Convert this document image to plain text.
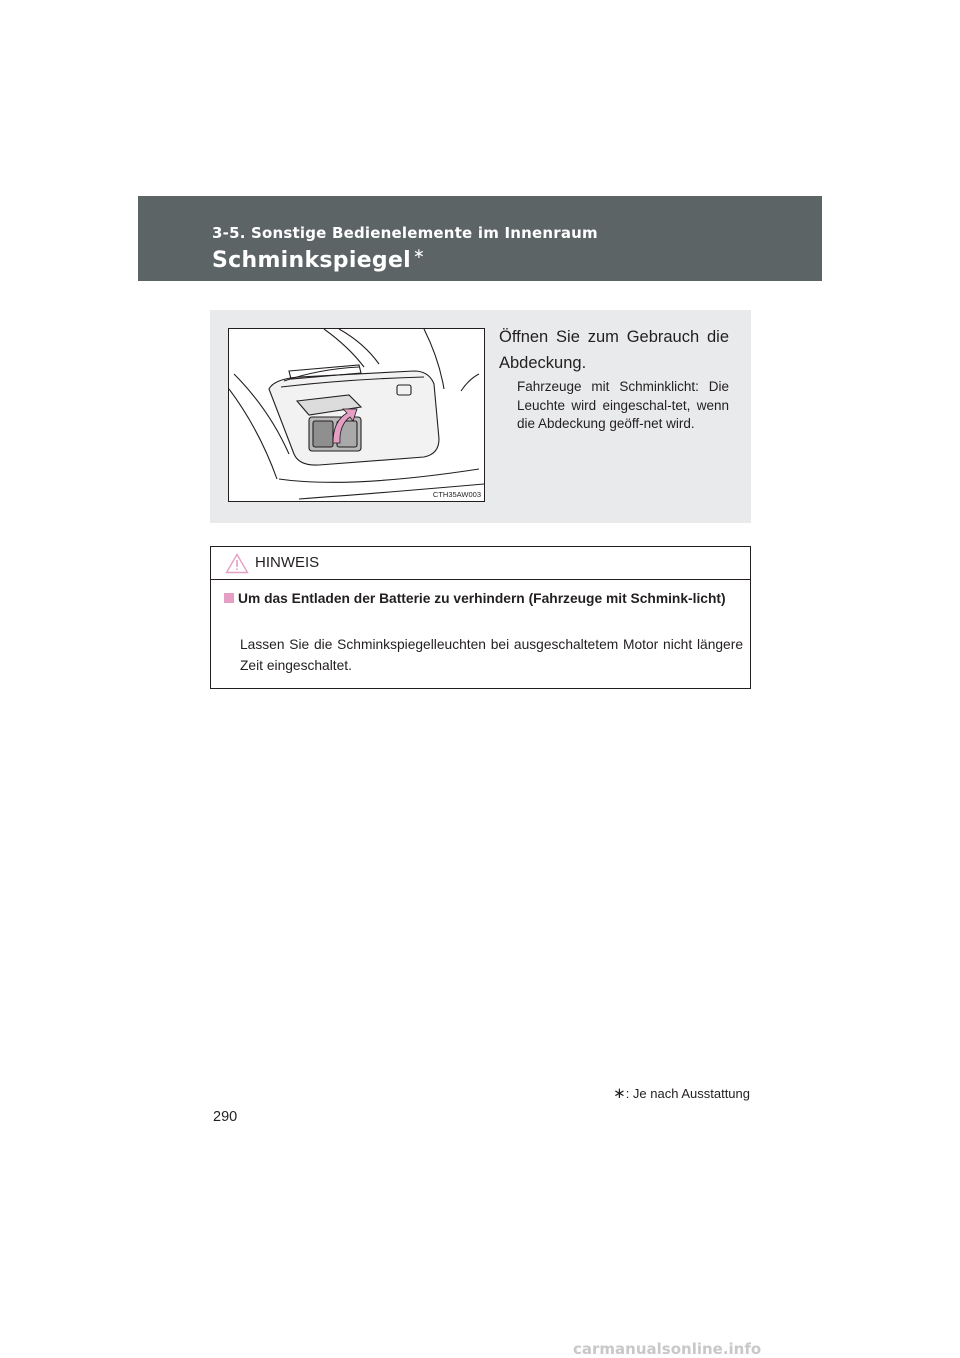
3-5. Sonstige Bedienelemente im Innenraum
Schminkspiegel ∗
CTH35AW003
Öffnen Sie zum Gebrauch die Abdeckung.
Fahrzeuge mit Schminklicht: Die Leuchte wird eingeschal-tet, wenn die Abdeckung geöff-net wird.
HINWEIS
Um das Entladen der Batterie zu verhindern (Fahrzeuge mit Schmink-licht)
Lassen Sie die Schminkspiegelleuchten bei ausgeschaltetem Motor nicht längere Zeit eingeschaltet.
∗: Je nach Ausstattung
290
carmanualsonline.info
